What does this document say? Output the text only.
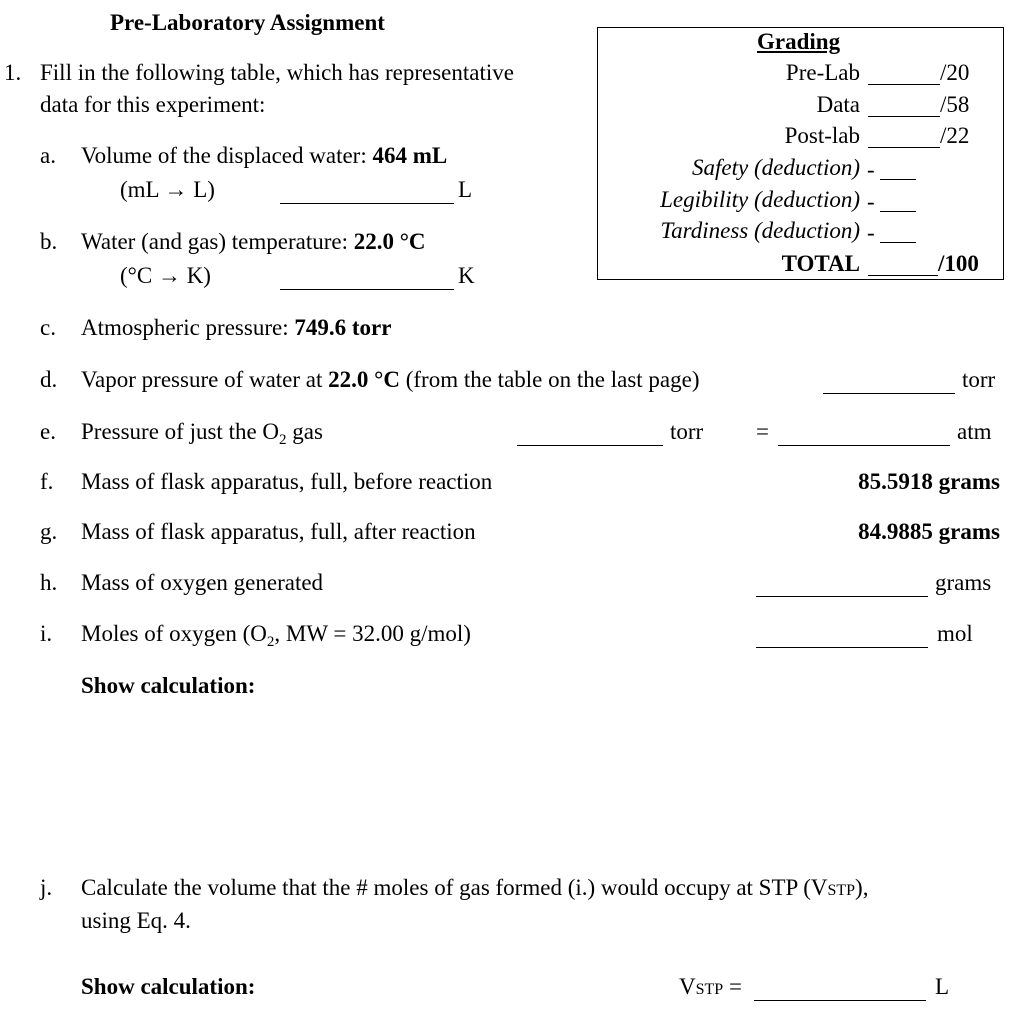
Pre-Laboratory Assignment
1. Fill in the following table, which has representative
data for this experiment:
Grading
Pre-Lab	/20
Data	/58
Post-lab	/22
Safety (deduction) -
Legibility (deduction) -
Tardiness (deduction) -
TOTAL	/100
a. Volume of the displaced water: 464 mL
(mL → L)	L
b. Water (and gas) temperature: 22.0 °C
(°C → K)	K
c. Atmospheric pressure: 749.6 torr
d. Vapor pressure of water at 22.0 °C (from the table on the last page)	torr
e. Pressure of just the $O_2$ gas	torr =	atm
f. Mass of flask apparatus, full, before reaction	85.5918 grams
g. Mass of flask apparatus, full, after reaction	84.9885 grams
h. Mass of oxygen generated	grams
i. Moles of oxygen ($O_2$, MW = 32.00 g/mol)	mol
Show calculation:
j. Calculate the volume that the # moles of gas formed (i.) would occupy at STP (VSTP),
using Eq. 4.
Show calculation:	VSTP =	L
